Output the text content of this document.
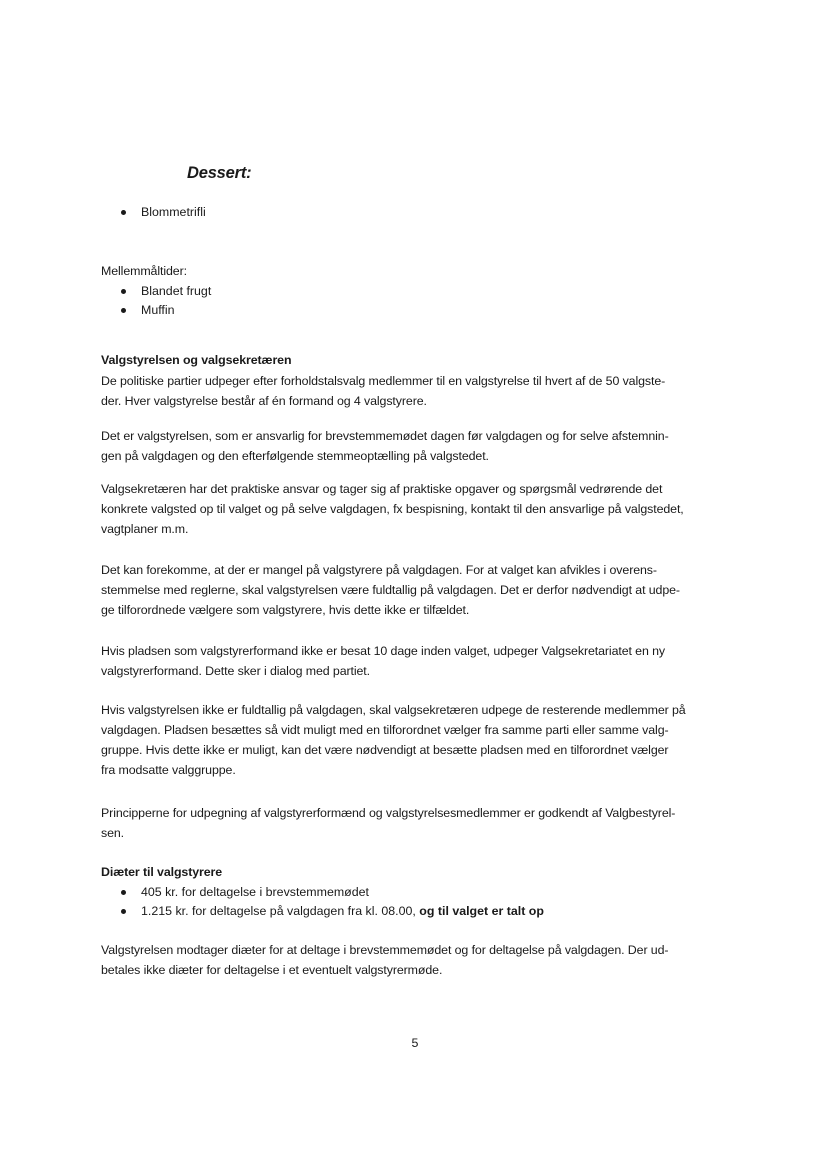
Dessert:
Blommetrifli
Mellemmåltider:
Blandet frugt
Muffin
Valgstyrelsen og valgsekretæren
De politiske partier udpeger efter forholdstalsvalg medlemmer til en valgstyrelse til hvert af de 50 valgste-
der. Hver valgstyrelse består af én formand og 4 valgstyrere.
Det er valgstyrelsen, som er ansvarlig for brevstemmemødet dagen før valgdagen og for selve afstemnin-
gen på valgdagen og den efterfølgende stemmeoptælling på valgstedet.
Valgsekretæren har det praktiske ansvar og tager sig af praktiske opgaver og spørgsmål vedrørende det
konkrete valgsted op til valget og på selve valgdagen, fx bespisning, kontakt til den ansvarlige på valgstedet,
vagtplaner m.m.
Det kan forekomme, at der er mangel på valgstyrere på valgdagen. For at valget kan afvikles i overens-
stemmelse med reglerne, skal valgstyrelsen være fuldtallig på valgdagen. Det er derfor nødvendigt at udpe-
ge tilforordnede vælgere som valgstyrere, hvis dette ikke er tilfældet.
Hvis pladsen som valgstyrerformand ikke er besat 10 dage inden valget, udpeger Valgsekretariatet en ny
valgstyrerformand. Dette sker i dialog med partiet.
Hvis valgstyrelsen ikke er fuldtallig på valgdagen, skal valgsekretæren udpege de resterende medlemmer på
valgdagen. Pladsen besættes så vidt muligt med en tilforordnet vælger fra samme parti eller samme valg-
gruppe. Hvis dette ikke er muligt, kan det være nødvendigt at besætte pladsen med en tilforordnet vælger
fra modsatte valggruppe.
Principperne for udpegning af valgstyrerformænd og valgstyrelsesmedlemmer er godkendt af Valgbestyrel-
sen.
Diæter til valgstyrere
405 kr. for deltagelse i brevstemmemødet
1.215 kr. for deltagelse på valgdagen fra kl. 08.00, og til valget er talt op
Valgstyrelsen modtager diæter for at deltage i brevstemmemødet og for deltagelse på valgdagen. Der ud-
betales ikke diæter for deltagelse i et eventuelt valgstyrermøde.
5
